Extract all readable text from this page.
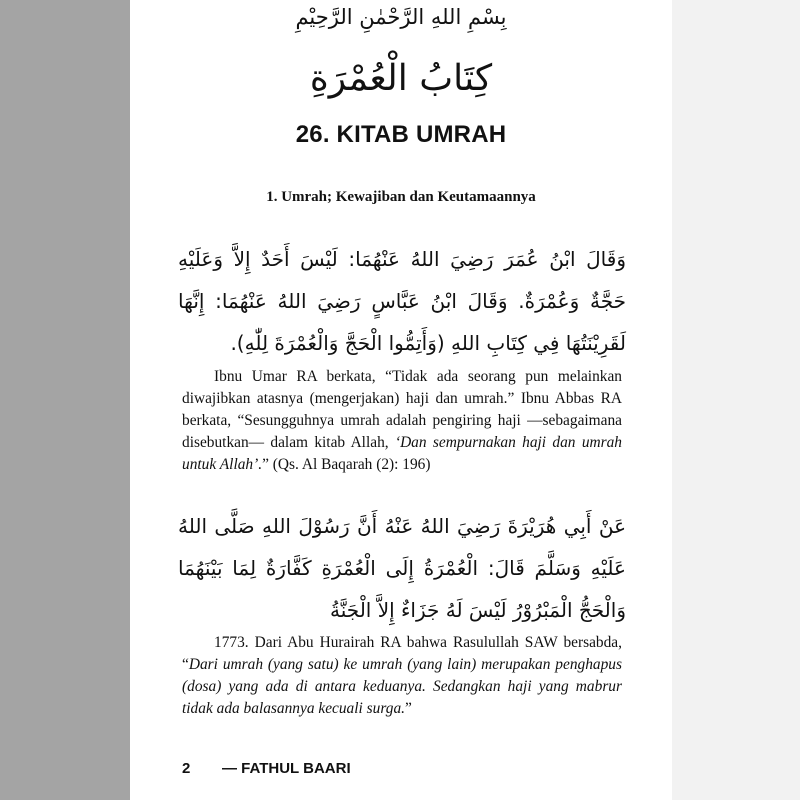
بِسْمِ اللهِ الرَّحْمٰنِ الرَّحِيْمِ
كِتَابُ الْعُمْرَةِ
26. KITAB UMRAH
1. Umrah; Kewajiban dan Keutamaannya
وَقَالَ ابْنُ عُمَرَ رَضِيَ اللهُ عَنْهُمَا: لَيْسَ أَحَدٌ إِلاَّ وَعَلَيْهِ حَجَّةٌ وَعُمْرَةٌ. وَقَالَ ابْنُ عَبَّاسٍ رَضِيَ اللهُ عَنْهُمَا: إِنَّهَا لَقَرِيْنَتُهَا فِي كِتَابِ اللهِ (وَأَتِمُّوا الْحَجَّ وَالْعُمْرَةَ لِلّٰهِ).

Ibnu Umar RA berkata, “Tidak ada seorang pun melainkan diwajibkan atasnya (mengerjakan) haji dan umrah.” Ibnu Abbas RA berkata, “Sesungguhnya umrah adalah pengiring haji —sebagaimana disebutkan— dalam kitab Allah, ‘Dan sempurnakan haji dan umrah untuk Allah’.” (Qs. Al Baqarah (2): 196)

عَنْ أَبِي هُرَيْرَةَ رَضِيَ اللهُ عَنْهُ أَنَّ رَسُوْلَ اللهِ صَلَّى اللهُ عَلَيْهِ وَسَلَّمَ قَالَ: الْعُمْرَةُ إِلَى الْعُمْرَةِ كَفَّارَةٌ لِمَا بَيْنَهُمَا وَالْحَجُّ الْمَبْرُوْرُ لَيْسَ لَهُ جَزَاءٌ إِلاَّ الْجَنَّةُ

1773. Dari Abu Hurairah RA bahwa Rasulullah SAW bersabda, “Dari umrah (yang satu) ke umrah (yang lain) merupakan penghapus (dosa) yang ada di antara keduanya. Sedangkan haji yang mabrur tidak ada balasannya kecuali surga.”

2 — FATHUL BAARI
